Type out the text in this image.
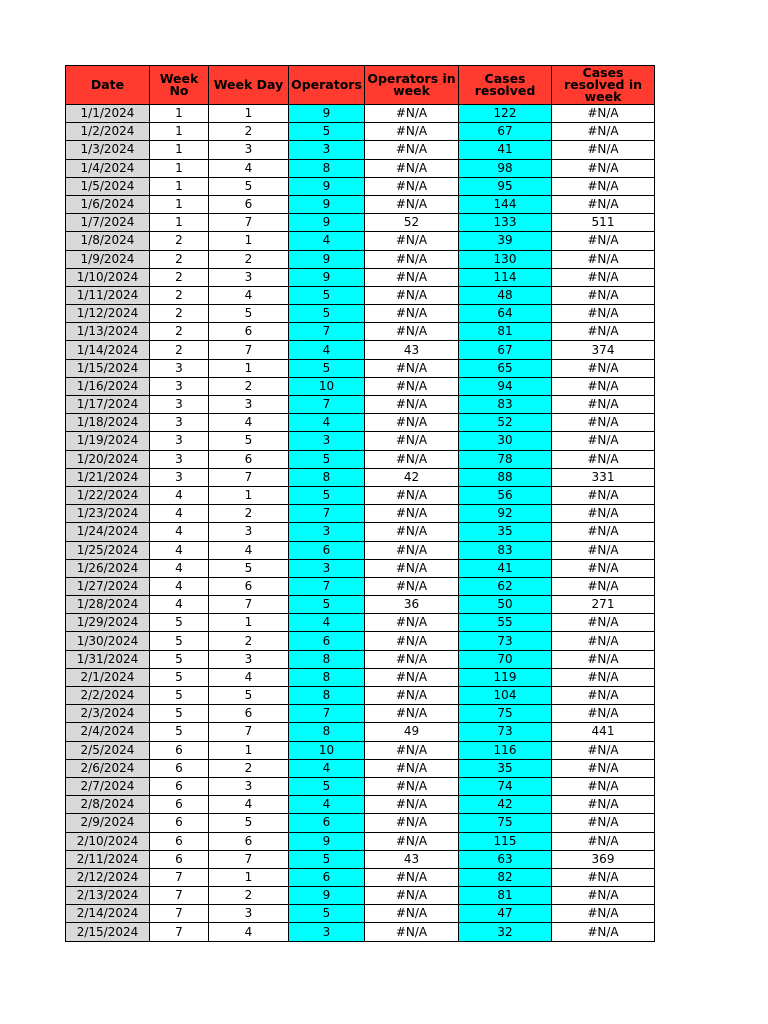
Date	Week No	Week Day	Operators	Operators in week	Cases resolved	Cases resolved in week
1/1/2024	1	1	9	#N/A	122	#N/A
1/2/2024	1	2	5	#N/A	67	#N/A
1/3/2024	1	3	3	#N/A	41	#N/A
1/4/2024	1	4	8	#N/A	98	#N/A
1/5/2024	1	5	9	#N/A	95	#N/A
1/6/2024	1	6	9	#N/A	144	#N/A
1/7/2024	1	7	9	52	133	511
1/8/2024	2	1	4	#N/A	39	#N/A
1/9/2024	2	2	9	#N/A	130	#N/A
1/10/2024	2	3	9	#N/A	114	#N/A
1/11/2024	2	4	5	#N/A	48	#N/A
1/12/2024	2	5	5	#N/A	64	#N/A
1/13/2024	2	6	7	#N/A	81	#N/A
1/14/2024	2	7	4	43	67	374
1/15/2024	3	1	5	#N/A	65	#N/A
1/16/2024	3	2	10	#N/A	94	#N/A
1/17/2024	3	3	7	#N/A	83	#N/A
1/18/2024	3	4	4	#N/A	52	#N/A
1/19/2024	3	5	3	#N/A	30	#N/A
1/20/2024	3	6	5	#N/A	78	#N/A
1/21/2024	3	7	8	42	88	331
1/22/2024	4	1	5	#N/A	56	#N/A
1/23/2024	4	2	7	#N/A	92	#N/A
1/24/2024	4	3	3	#N/A	35	#N/A
1/25/2024	4	4	6	#N/A	83	#N/A
1/26/2024	4	5	3	#N/A	41	#N/A
1/27/2024	4	6	7	#N/A	62	#N/A
1/28/2024	4	7	5	36	50	271
1/29/2024	5	1	4	#N/A	55	#N/A
1/30/2024	5	2	6	#N/A	73	#N/A
1/31/2024	5	3	8	#N/A	70	#N/A
2/1/2024	5	4	8	#N/A	119	#N/A
2/2/2024	5	5	8	#N/A	104	#N/A
2/3/2024	5	6	7	#N/A	75	#N/A
2/4/2024	5	7	8	49	73	441
2/5/2024	6	1	10	#N/A	116	#N/A
2/6/2024	6	2	4	#N/A	35	#N/A
2/7/2024	6	3	5	#N/A	74	#N/A
2/8/2024	6	4	4	#N/A	42	#N/A
2/9/2024	6	5	6	#N/A	75	#N/A
2/10/2024	6	6	9	#N/A	115	#N/A
2/11/2024	6	7	5	43	63	369
2/12/2024	7	1	6	#N/A	82	#N/A
2/13/2024	7	2	9	#N/A	81	#N/A
2/14/2024	7	3	5	#N/A	47	#N/A
2/15/2024	7	4	3	#N/A	32	#N/A
